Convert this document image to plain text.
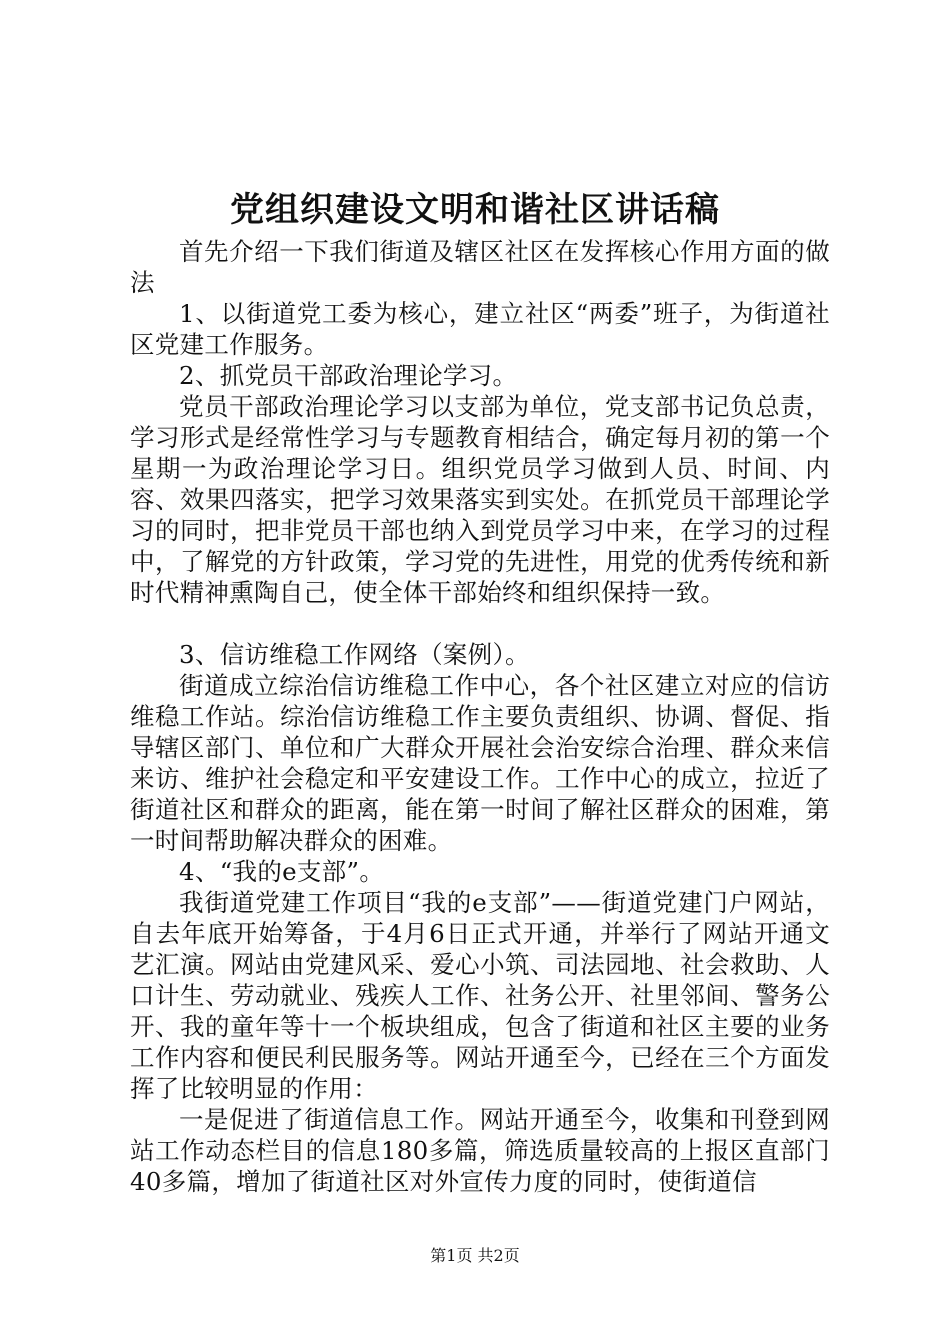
党组织建设文明和谐社区讲话稿

首先介绍一下我们街道及辖区社区在发挥核心作用方面的做法

1、以街道党工委为核心，建立社区“两委”班子，为街道社区党建工作服务。

2、抓党员干部政治理论学习。

党员干部政治理论学习以支部为单位，党支部书记负总责，学习形式是经常性学习与专题教育相结合，确定每月初的第一个星期一为政治理论学习日。组织党员学习做到人员、时间、内容、效果四落实，把学习效果落实到实处。在抓党员干部理论学习的同时，把非党员干部也纳入到党员学习中来，在学习的过程中，了解党的方针政策，学习党的先进性，用党的优秀传统和新时代精神熏陶自己，使全体干部始终和组织保持一致。

3、信访维稳工作网络（案例）。

街道成立综治信访维稳工作中心，各个社区建立对应的信访维稳工作站。综治信访维稳工作主要负责组织、协调、督促、指导辖区部门、单位和广大群众开展社会治安综合治理、群众来信来访、维护社会稳定和平安建设工作。工作中心的成立，拉近了街道社区和群众的距离，能在第一时间了解社区群众的困难，第一时间帮助解决群众的困难。

4、“我的e支部”。

我街道党建工作项目“我的e支部”——街道党建门户网站，自去年底开始筹备，于4月6日正式开通，并举行了网站开通文艺汇演。网站由党建风采、爱心小筑、司法园地、社会救助、人口计生、劳动就业、残疾人工作、社务公开、社里邻间、警务公开、我的童年等十一个板块组成，包含了街道和社区主要的业务工作内容和便民利民服务等。网站开通至今，已经在三个方面发挥了比较明显的作用：

一是促进了街道信息工作。网站开通至今，收集和刊登到网站工作动态栏目的信息180多篇，筛选质量较高的上报区直部门40多篇，增加了街道社区对外宣传力度的同时，使街道信

第1页 共2页
